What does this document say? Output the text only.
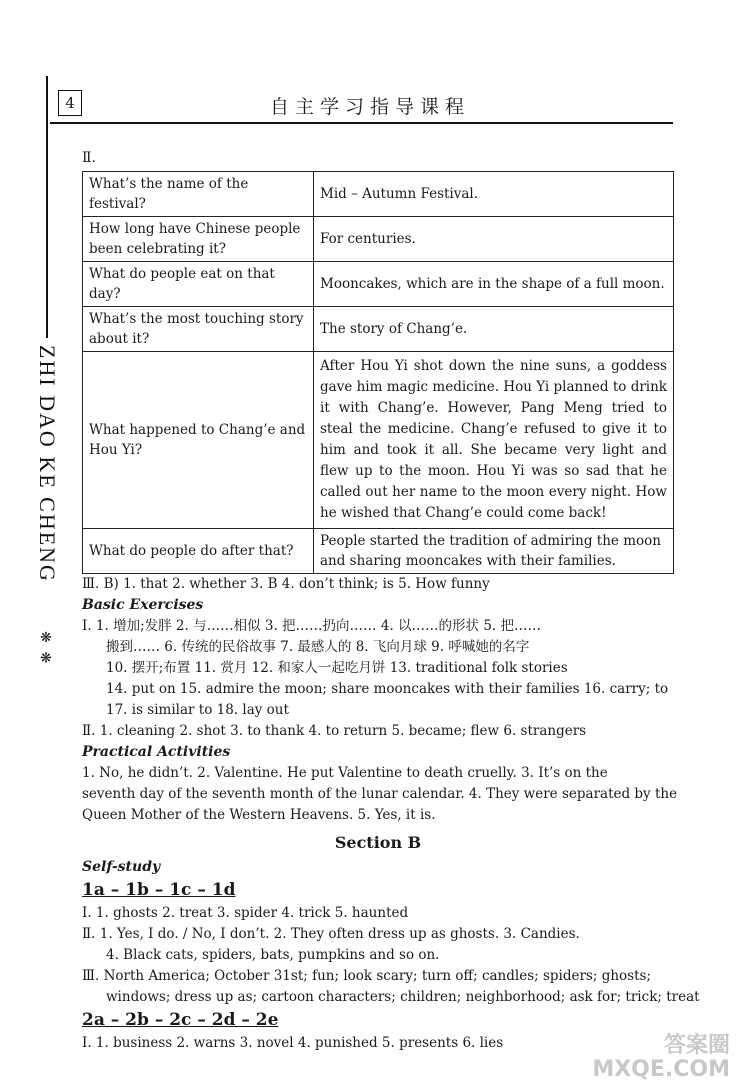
4	自主学习指导课程
ZHI DAO KE CHENG
❋ ❋
Ⅱ.
What’s the name of the festival?	Mid – Autumn Festival.
How long have Chinese people been celebrating it?	For centuries.
What do people eat on that day?	Mooncakes, which are in the shape of a full moon.
What’s the most touching story about it?	The story of Chang’e.
What happened to Chang’e and Hou Yi?	After Hou Yi shot down the nine suns, a goddess gave him magic medicine. Hou Yi planned to drink it with Chang’e. However, Pang Meng tried to steal the medicine. Chang’e refused to give it to him and took it all. She became very light and flew up to the moon. Hou Yi was so sad that he called out her name to the moon every night. How he wished that Chang’e could come back!
What do people do after that?	People started the tradition of admiring the moon and sharing mooncakes with their families.
Ⅲ. B) 1. that 2. whether 3. B 4. don’t think; is 5. How funny
Basic Exercises
Ⅰ. 1. 增加;发胖 2. 与……相似 3. 把……扔向…… 4. 以……的形状 5. 把……
搬到…… 6. 传统的民俗故事 7. 最感人的 8. 飞向月球 9. 呼喊她的名字
10. 摆开;布置 11. 赏月 12. 和家人一起吃月饼 13. traditional folk stories
14. put on 15. admire the moon; share mooncakes with their families 16. carry; to
17. is similar to 18. lay out
Ⅱ. 1. cleaning 2. shot 3. to thank 4. to return 5. became; flew 6. strangers
Practical Activities
1. No, he didn’t. 2. Valentine. He put Valentine to death cruelly. 3. It’s on the
seventh day of the seventh month of the lunar calendar. 4. They were separated by the
Queen Mother of the Western Heavens. 5. Yes, it is.
Section B
Self-study
1a – 1b – 1c – 1d
Ⅰ. 1. ghosts 2. treat 3. spider 4. trick 5. haunted
Ⅱ. 1. Yes, I do. / No, I don’t. 2. They often dress up as ghosts. 3. Candies.
4. Black cats, spiders, bats, pumpkins and so on.
Ⅲ. North America; October 31st; fun; look scary; turn off; candles; spiders; ghosts;
windows; dress up as; cartoon characters; children; neighborhood; ask for; trick; treat
2a – 2b – 2c – 2d – 2e
Ⅰ. 1. business 2. warns 3. novel 4. punished 5. presents 6. lies	答案圈
MXQE.COM
